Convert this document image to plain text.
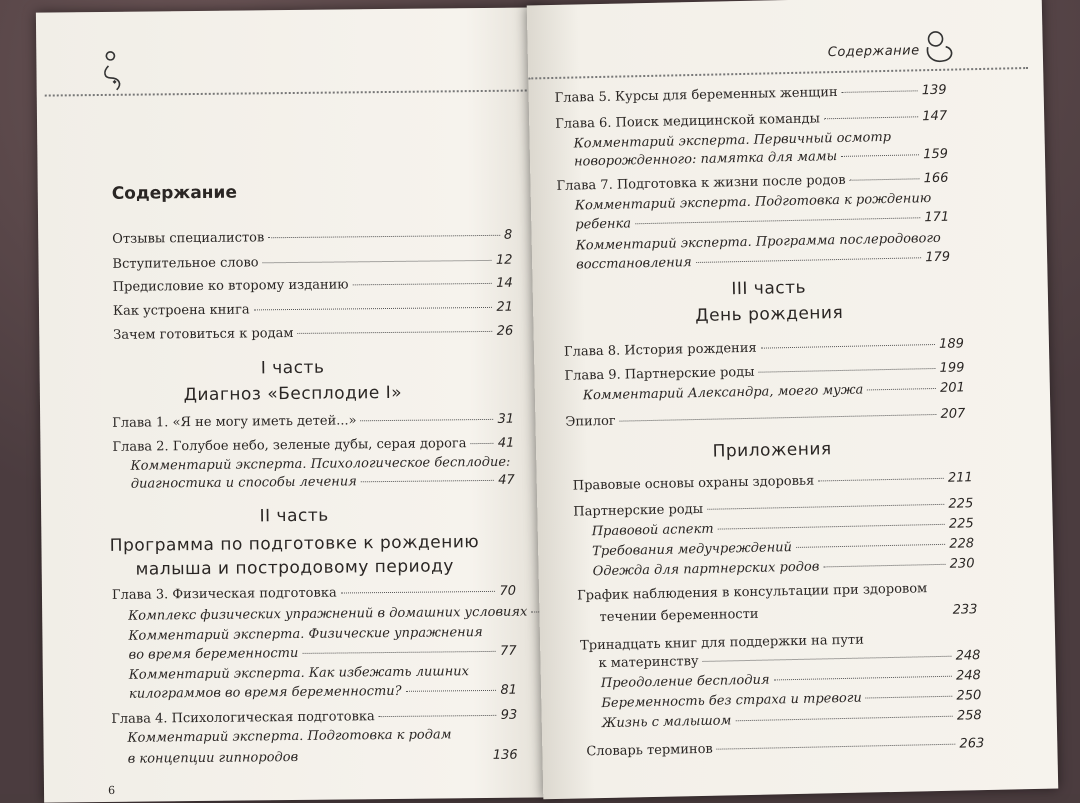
Содержание
Отзывы специалистов	8
Вступительное слово	12
Предисловие ко второму изданию	14
Как устроена книга	21
Зачем готовиться к родам	26
I часть
Диагноз «Бесплодие I»
Глава 1. «Я не могу иметь детей...»	31
Глава 2. Голубое небо, зеленые дубы, серая дорога 41
Комментарий эксперта. Психологическое бесплодие:
диагностика и способы лечения	47
II часть
Программа по подготовке к рождению
малыша и постродовому периоду
Глава 3. Физическая подготовка	70
Комплекс физических упражнений в домашних условиях
Комментарий эксперта. Физические упражнения
во время беременности	77
Комментарий эксперта. Как избежать лишних
килограммов во время беременности?	81
Глава 4. Психологическая подготовка	93
Комментарий эксперта. Подготовка к родам
в концепции гипнородов	136
6
Содержание
Глава 5. Курсы для беременных женщин	139
Глава 6. Поиск медицинской команды	147
Комментарий эксперта. Первичный осмотр
новорожденного: памятка для мамы	159
Глава 7. Подготовка к жизни после родов	166
Комментарий эксперта. Подготовка к рождению
ребенка	171
Комментарий эксперта. Программа послеродового
восстановления	179
III часть
День рождения
Глава 8. История рождения	189
Глава 9. Партнерские роды	199
Комментарий Александра, моего мужа	201
Эпилог	207
Приложения
Правовые основы охраны здоровья	211
Партнерские роды	225
Правовой аспект	225
Требования медучреждений	228
Одежда для партнерских родов	230
График наблюдения в консультации при здоровом
течении беременности	233
Тринадцать книг для поддержки на пути
к материнству	248
Преодоление бесплодия	248
Беременность без страха и тревоги	250
Жизнь с малышом	258
Словарь терминов	263
